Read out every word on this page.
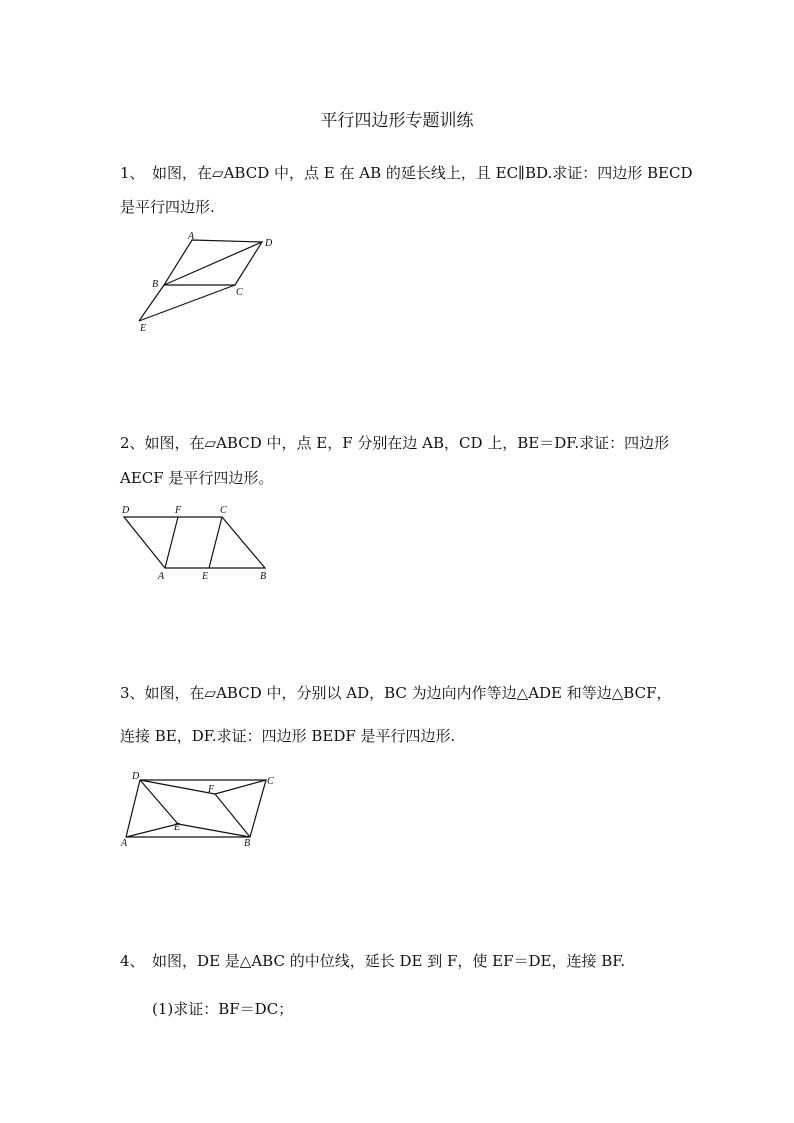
平行四边形专题训练
1、　如图，在▱ABCD 中，点 E 在 AB 的延长线上，且 EC∥BD.求证：四边形 BECD
是平行四边形.
A
D
B
C
E
2、如图，在▱ABCD 中，点 E，F 分别在边 AB，CD 上，BE＝DF.求证：四边形
AECF 是平行四边形。
D	F	C
A	E	B
3、如图，在▱ABCD 中，分别以 AD，BC 为边向内作等边△ADE 和等边△BCF，
连接 BE，DF.求证：四边形 BEDF 是平行四边形.
D	C
F
E
A	B
4、　如图，DE 是△ABC 的中位线，延长 DE 到 F，使 EF＝DE，连接 BF.
(1)求证：BF＝DC；
